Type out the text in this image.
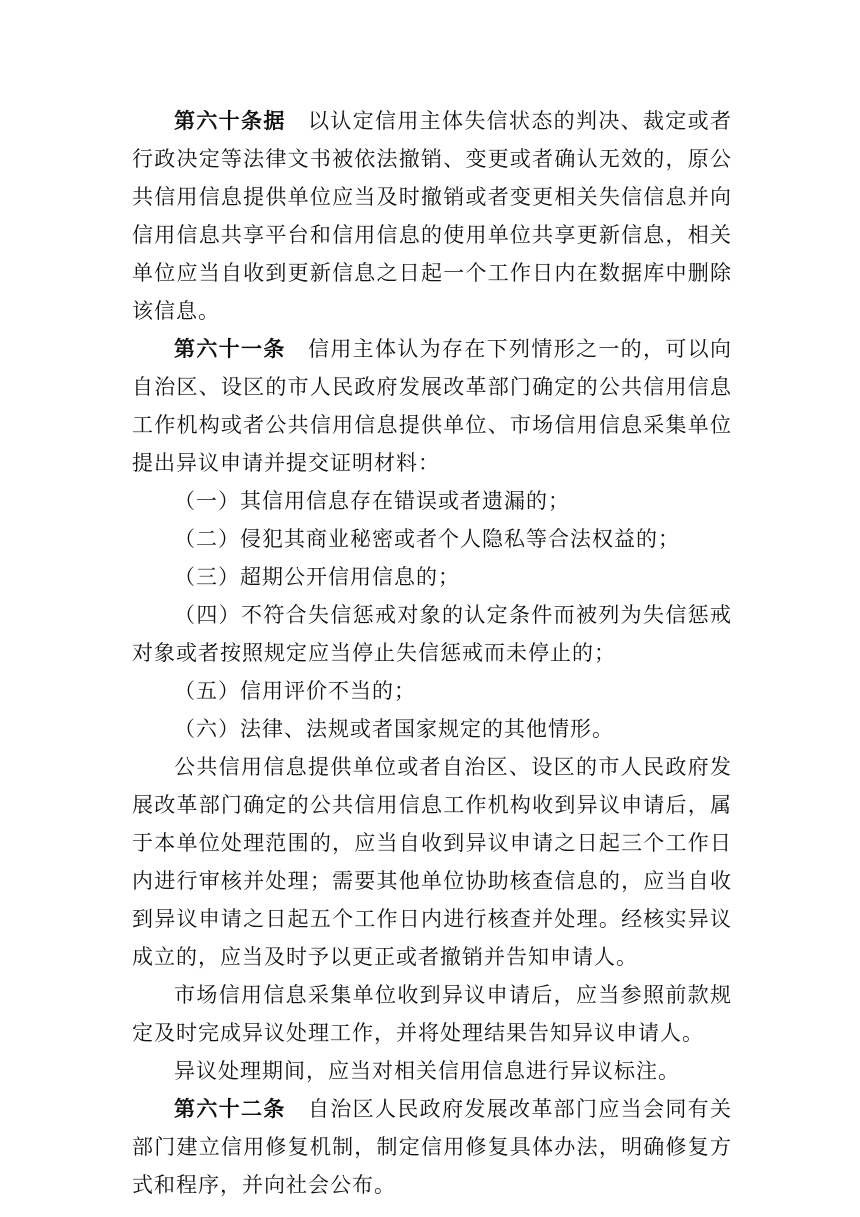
第六十条据 以认定信用主体失信状态的判决、裁定或者行政决定等法律文书被依法撤销、变更或者确认无效的，原公共信用信息提供单位应当及时撤销或者变更相关失信信息并向信用信息共享平台和信用信息的使用单位共享更新信息，相关单位应当自收到更新信息之日起一个工作日内在数据库中删除该信息。

第六十一条 信用主体认为存在下列情形之一的，可以向自治区、设区的市人民政府发展改革部门确定的公共信用信息工作机构或者公共信用信息提供单位、市场信用信息采集单位提出异议申请并提交证明材料：

（一）其信用信息存在错误或者遗漏的；

（二）侵犯其商业秘密或者个人隐私等合法权益的；

（三）超期公开信用信息的；

（四）不符合失信惩戒对象的认定条件而被列为失信惩戒对象或者按照规定应当停止失信惩戒而未停止的；

（五）信用评价不当的；

（六）法律、法规或者国家规定的其他情形。

公共信用信息提供单位或者自治区、设区的市人民政府发展改革部门确定的公共信用信息工作机构收到异议申请后，属于本单位处理范围的，应当自收到异议申请之日起三个工作日内进行审核并处理；需要其他单位协助核查信息的，应当自收到异议申请之日起五个工作日内进行核查并处理。经核实异议成立的，应当及时予以更正或者撤销并告知申请人。

市场信用信息采集单位收到异议申请后，应当参照前款规定及时完成异议处理工作，并将处理结果告知异议申请人。

异议处理期间，应当对相关信用信息进行异议标注。

第六十二条 自治区人民政府发展改革部门应当会同有关部门建立信用修复机制，制定信用修复具体办法，明确修复方式和程序，并向社会公布。
